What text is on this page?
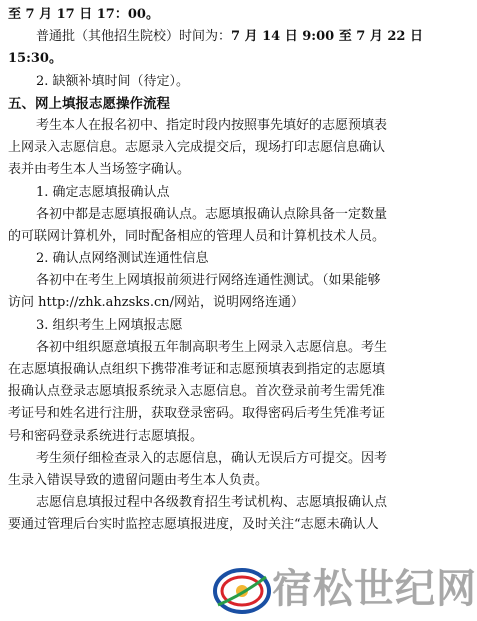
至 7 月 17 日 17：00。
普通批（其他招生院校）时间为：7 月 14 日 9:00 至 7 月 22 日
15:30。
2. 缺额补填时间（待定）。
五、网上填报志愿操作流程
考生本人在报名初中、指定时段内按照事先填好的志愿预填表
上网录入志愿信息。志愿录入完成提交后，现场打印志愿信息确认
表并由考生本人当场签字确认。
1. 确定志愿填报确认点
各初中都是志愿填报确认点。志愿填报确认点除具备一定数量
的可联网计算机外，同时配备相应的管理人员和计算机技术人员。
2. 确认点网络测试连通性信息
各初中在考生上网填报前须进行网络连通性测试。（如果能够
访问 http://zhk.ahzsks.cn/网站，说明网络连通）
3. 组织考生上网填报志愿
各初中组织愿意填报五年制高职考生上网录入志愿信息。考生
在志愿填报确认点组织下携带准考证和志愿预填表到指定的志愿填
报确认点登录志愿填报系统录入志愿信息。首次登录前考生需凭准
考证号和姓名进行注册，获取登录密码。取得密码后考生凭准考证
号和密码登录系统进行志愿填报。
考生须仔细检查录入的志愿信息，确认无误后方可提交。因考
生录入错误导致的遗留问题由考生本人负责。
志愿信息填报过程中各级教育招生考试机构、志愿填报确认点
要通过管理后台实时监控志愿填报进度，及时关注“志愿未确认人
宿松世纪网
